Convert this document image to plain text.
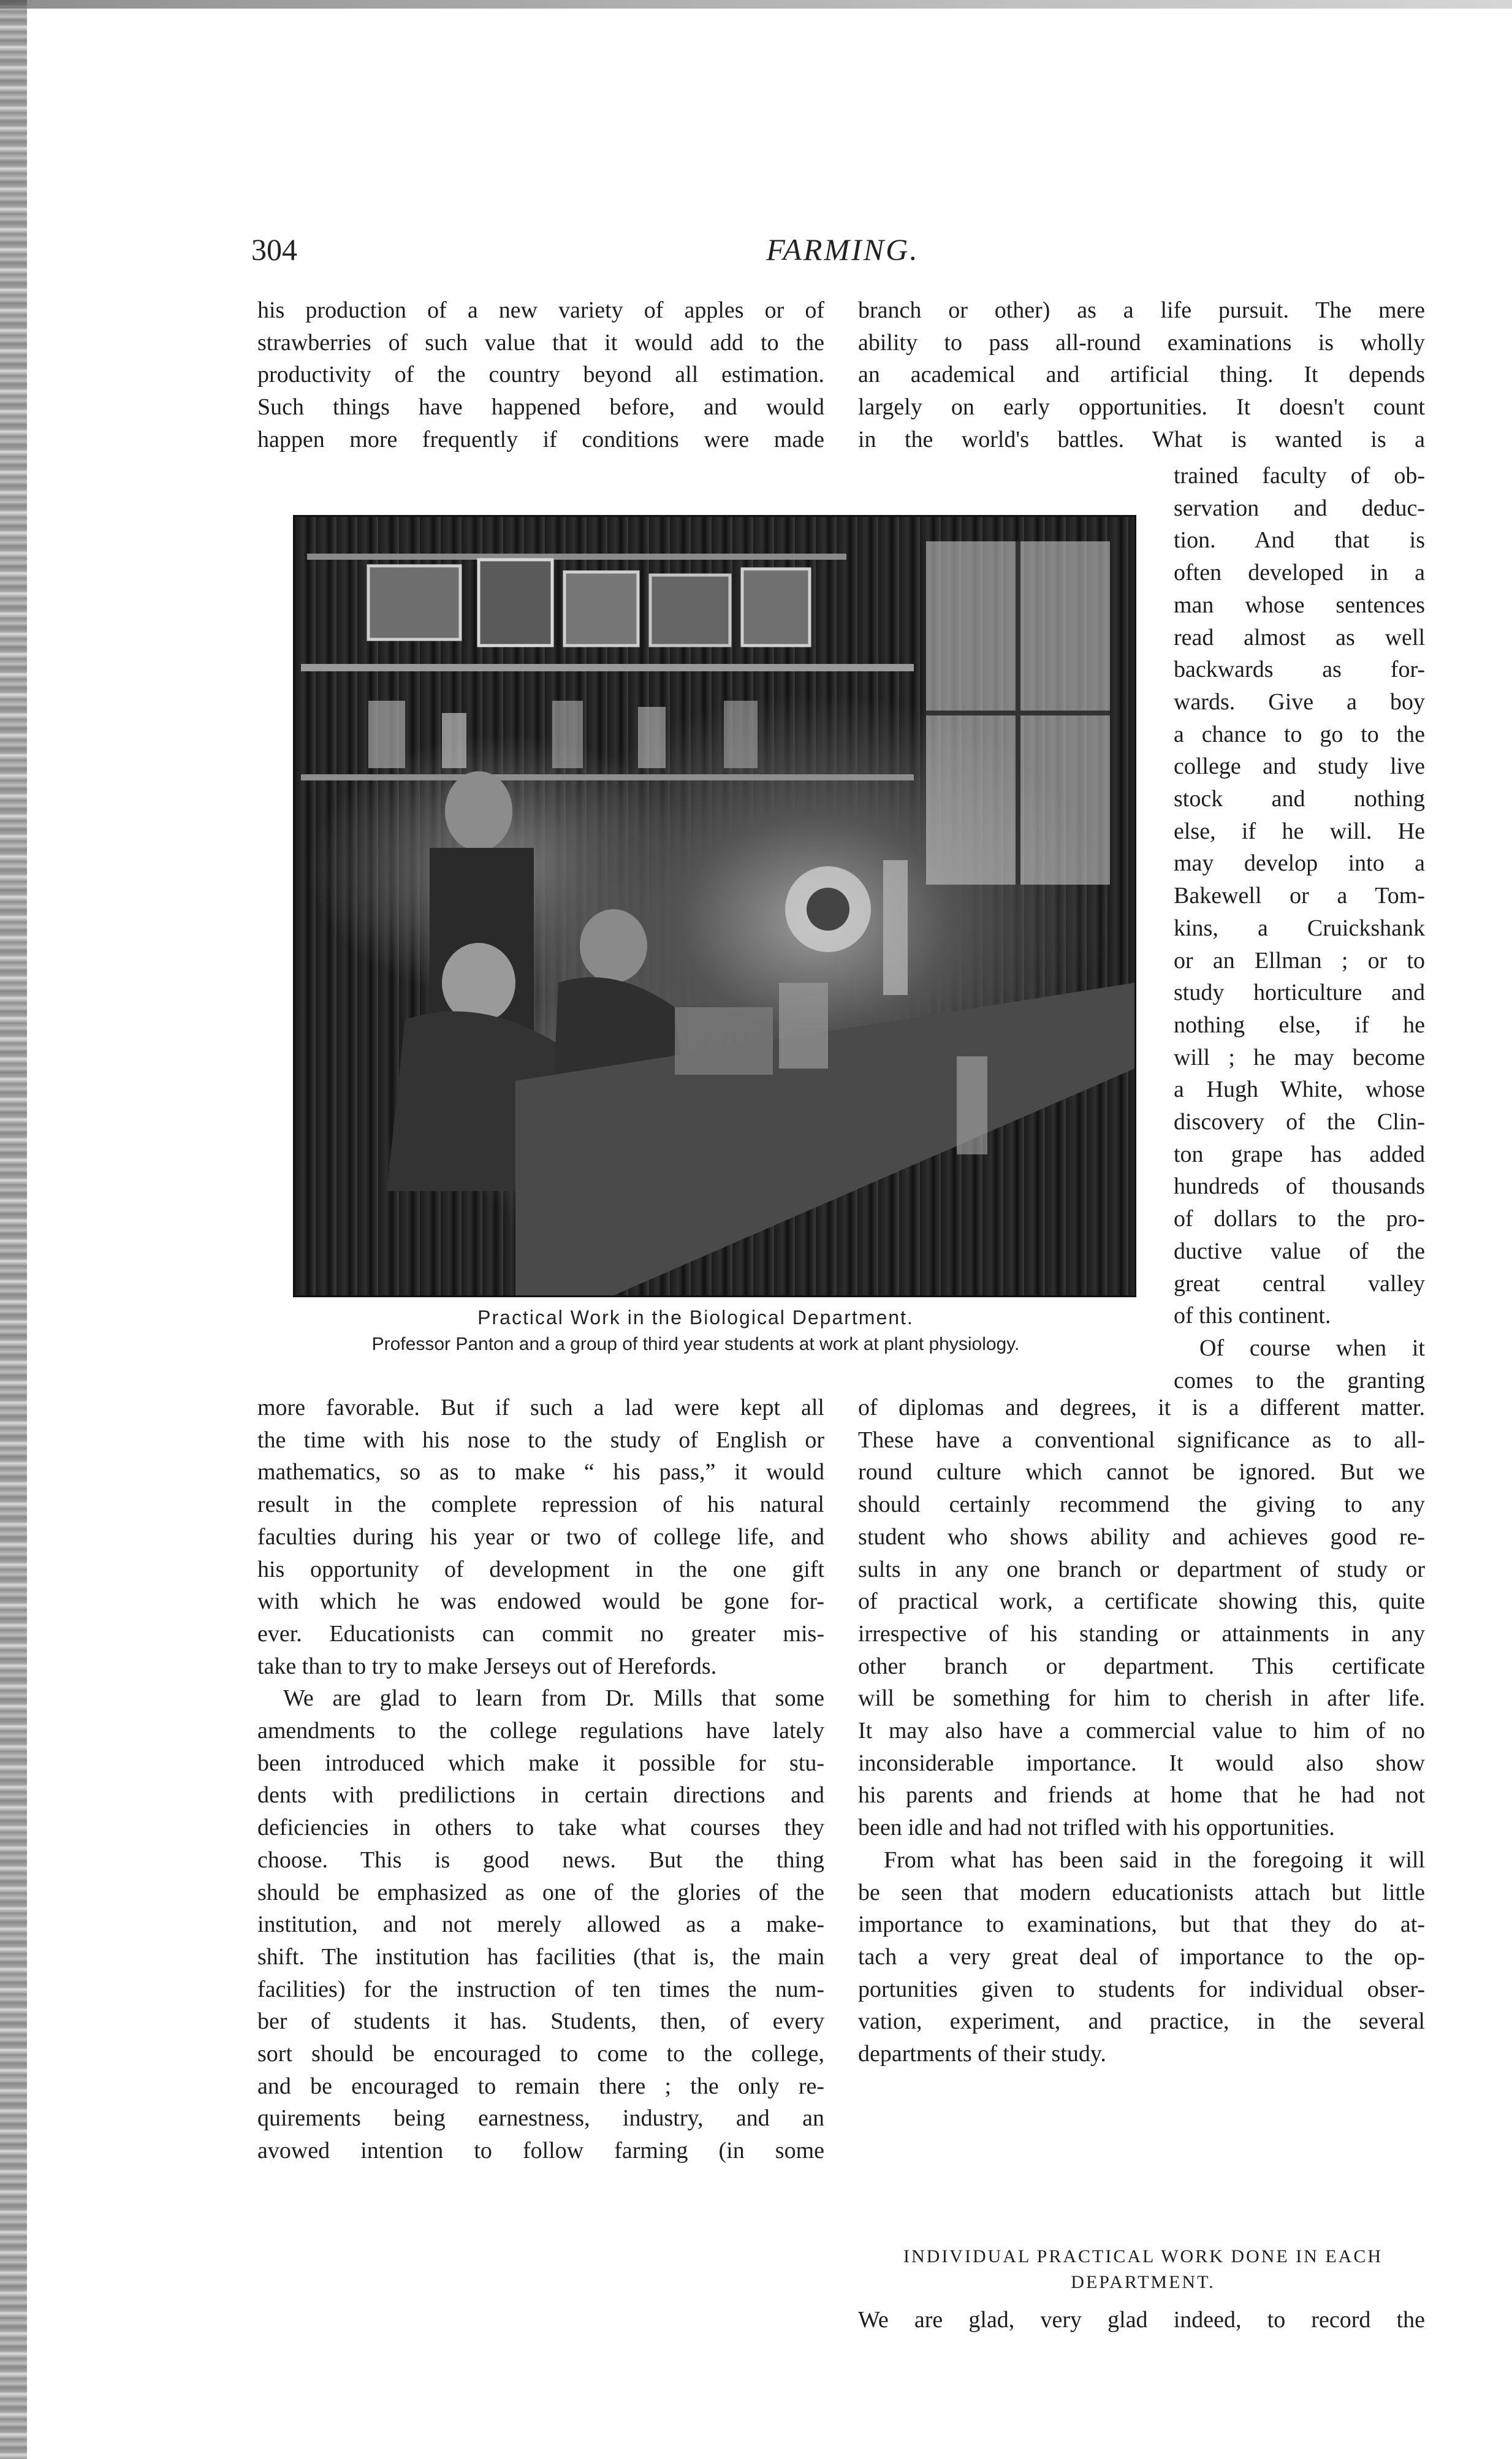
304	FARMING.
his production of a new variety of apples or of
strawberries of such value that it would add to the
productivity of the country beyond all estimation.
Such things have happened before, and would
happen more frequently if conditions were made
branch or other) as a life pursuit. The mere
ability to pass all-round examinations is wholly
an academical and artificial thing. It depends
largely on early opportunities. It doesn't count
in the world's battles. What is wanted is a
Practical Work in the Biological Department.
Professor Panton and a group of third year students at work at plant physiology.
trained faculty of ob-
servation and deduc-
tion. And that is
often developed in a
man whose sentences
read almost as well
backwards as for-
wards. Give a boy
a chance to go to the
college and study live
stock and nothing
else, if he will. He
may develop into a
Bakewell or a Tom-
kins, a Cruickshank
or an Ellman ; or to
study horticulture and
nothing else, if he
will ; he may become
a Hugh White, whose
discovery of the Clin-
ton grape has added
hundreds of thousands
of dollars to the pro-
ductive value of the
great central valley
of this continent.
Of course when it
comes to the granting
more favorable. But if such a lad were kept all
the time with his nose to the study of English or
mathematics, so as to make “ his pass,” it would
result in the complete repression of his natural
faculties during his year or two of college life, and
his opportunity of development in the one gift
with which he was endowed would be gone for-
ever. Educationists can commit no greater mis-
take than to try to make Jerseys out of Herefords.
We are glad to learn from Dr. Mills that some
amendments to the college regulations have lately
been introduced which make it possible for stu-
dents with predilictions in certain directions and
deficiencies in others to take what courses they
choose. This is good news. But the thing
should be emphasized as one of the glories of the
institution, and not merely allowed as a make-
shift. The institution has facilities (that is, the main
facilities) for the instruction of ten times the num-
ber of students it has. Students, then, of every
sort should be encouraged to come to the college,
and be encouraged to remain there ; the only re-
quirements being earnestness, industry, and an
avowed intention to follow farming (in some
of diplomas and degrees, it is a different matter.
These have a conventional significance as to all-
round culture which cannot be ignored. But we
should certainly recommend the giving to any
student who shows ability and achieves good re-
sults in any one branch or department of study or
of practical work, a certificate showing this, quite
irrespective of his standing or attainments in any
other branch or department. This certificate
will be something for him to cherish in after life.
It may also have a commercial value to him of no
inconsiderable importance. It would also show
his parents and friends at home that he had not
been idle and had not trifled with his opportunities.
From what has been said in the foregoing it will
be seen that modern educationists attach but little
importance to examinations, but that they do at-
tach a very great deal of importance to the op-
portunities given to students for individual obser-
vation, experiment, and practice, in the several
departments of their study.
INDIVIDUAL PRACTICAL WORK DONE IN EACH
DEPARTMENT.
We are glad, very glad indeed, to record the
